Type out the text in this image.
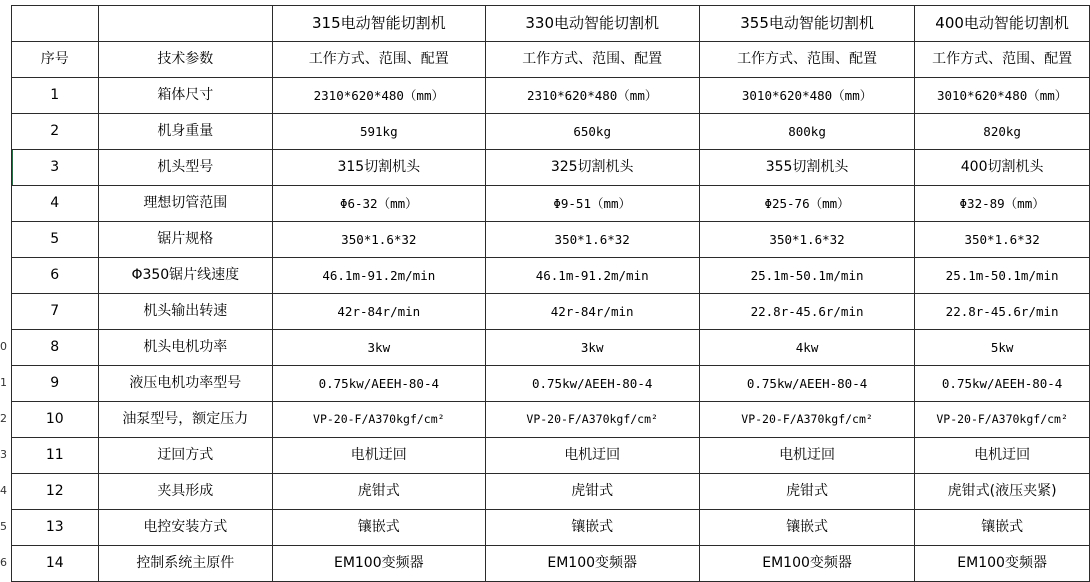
0
1
2
3
4
5
6
		315电动智能切割机	330电动智能切割机	355电动智能切割机	400电动智能切割机
序号	技术参数	工作方式、范围、配置	工作方式、范围、配置	工作方式、范围、配置	工作方式、范围、配置
1	箱体尺寸	2310*620*480（mm）	2310*620*480（mm）	3010*620*480（mm）	3010*620*480（mm）
2	机身重量	591kg	650kg	800kg	820kg
3	机头型号	315切割机头	325切割机头	355切割机头	400切割机头
4	理想切管范围	Φ6-32（mm）	Φ9-51（mm）	Φ25-76（mm）	Φ32-89（mm）
5	锯片规格	350*1.6*32	350*1.6*32	350*1.6*32	350*1.6*32
6	Φ350锯片线速度	46.1m-91.2m/min	46.1m-91.2m/min	25.1m-50.1m/min	25.1m-50.1m/min
7	机头输出转速	42r-84r/min	42r-84r/min	22.8r-45.6r/min	22.8r-45.6r/min
8	机头电机功率	3kw	3kw	4kw	5kw
9	液压电机功率型号	0.75kw/AEEH-80-4	0.75kw/AEEH-80-4	0.75kw/AEEH-80-4	0.75kw/AEEH-80-4
10	油泵型号，额定压力	VP-20-F/A370kgf/cm²	VP-20-F/A370kgf/cm²	VP-20-F/A370kgf/cm²	VP-20-F/A370kgf/cm²
11	迂回方式	电机迂回	电机迂回	电机迂回	电机迂回
12	夹具形成	虎钳式	虎钳式	虎钳式	虎钳式(液压夹紧)
13	电控安装方式	镶嵌式	镶嵌式	镶嵌式	镶嵌式
14	控制系统主原件	EM100变频器	EM100变频器	EM100变频器	EM100变频器
